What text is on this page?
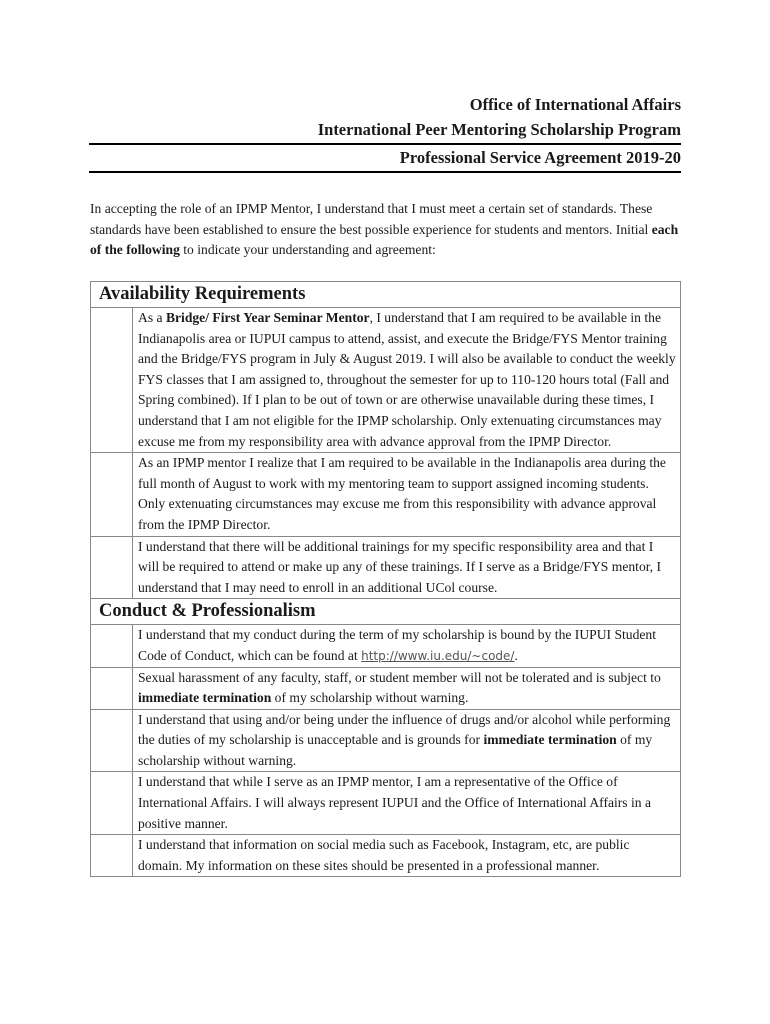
Office of International Affairs
International Peer Mentoring Scholarship Program
Professional Service Agreement 2019-20

In accepting the role of an IPMP Mentor, I understand that I must meet a certain set of standards. These standards have been established to ensure the best possible experience for students and mentors. Initial each of the following to indicate your understanding and agreement:

Availability Requirements	
	As a Bridge/ First Year Seminar Mentor, I understand that I am required to be available in the Indianapolis area or IUPUI campus to attend, assist, and execute the Bridge/FYS Mentor training and the Bridge/FYS program in July & August 2019. I will also be available to conduct the weekly FYS classes that I am assigned to, throughout the semester for up to 110-120 hours total (Fall and Spring combined). If I plan to be out of town or are otherwise unavailable during these times, I understand that I am not eligible for the IPMP scholarship. Only extenuating circumstances may excuse me from my responsibility area with advance approval from the IPMP Director.
	As an IPMP mentor I realize that I am required to be available in the Indianapolis area during the full month of August to work with my mentoring team to support assigned incoming students. Only extenuating circumstances may excuse me from this responsibility with advance approval from the IPMP Director.
	I understand that there will be additional trainings for my specific responsibility area and that I will be required to attend or make up any of these trainings. If I serve as a Bridge/FYS mentor, I understand that I may need to enroll in an additional UCol course.
Conduct & Professionalism	
	I understand that my conduct during the term of my scholarship is bound by the IUPUI Student Code of Conduct, which can be found at http://www.iu.edu/~code/.
	Sexual harassment of any faculty, staff, or student member will not be tolerated and is subject to immediate termination of my scholarship without warning.
	I understand that using and/or being under the influence of drugs and/or alcohol while performing the duties of my scholarship is unacceptable and is grounds for immediate termination of my scholarship without warning.
	I understand that while I serve as an IPMP mentor, I am a representative of the Office of International Affairs. I will always represent IUPUI and the Office of International Affairs in a positive manner.
	I understand that information on social media such as Facebook, Instagram, etc, are public domain. My information on these sites should be presented in a professional manner.
